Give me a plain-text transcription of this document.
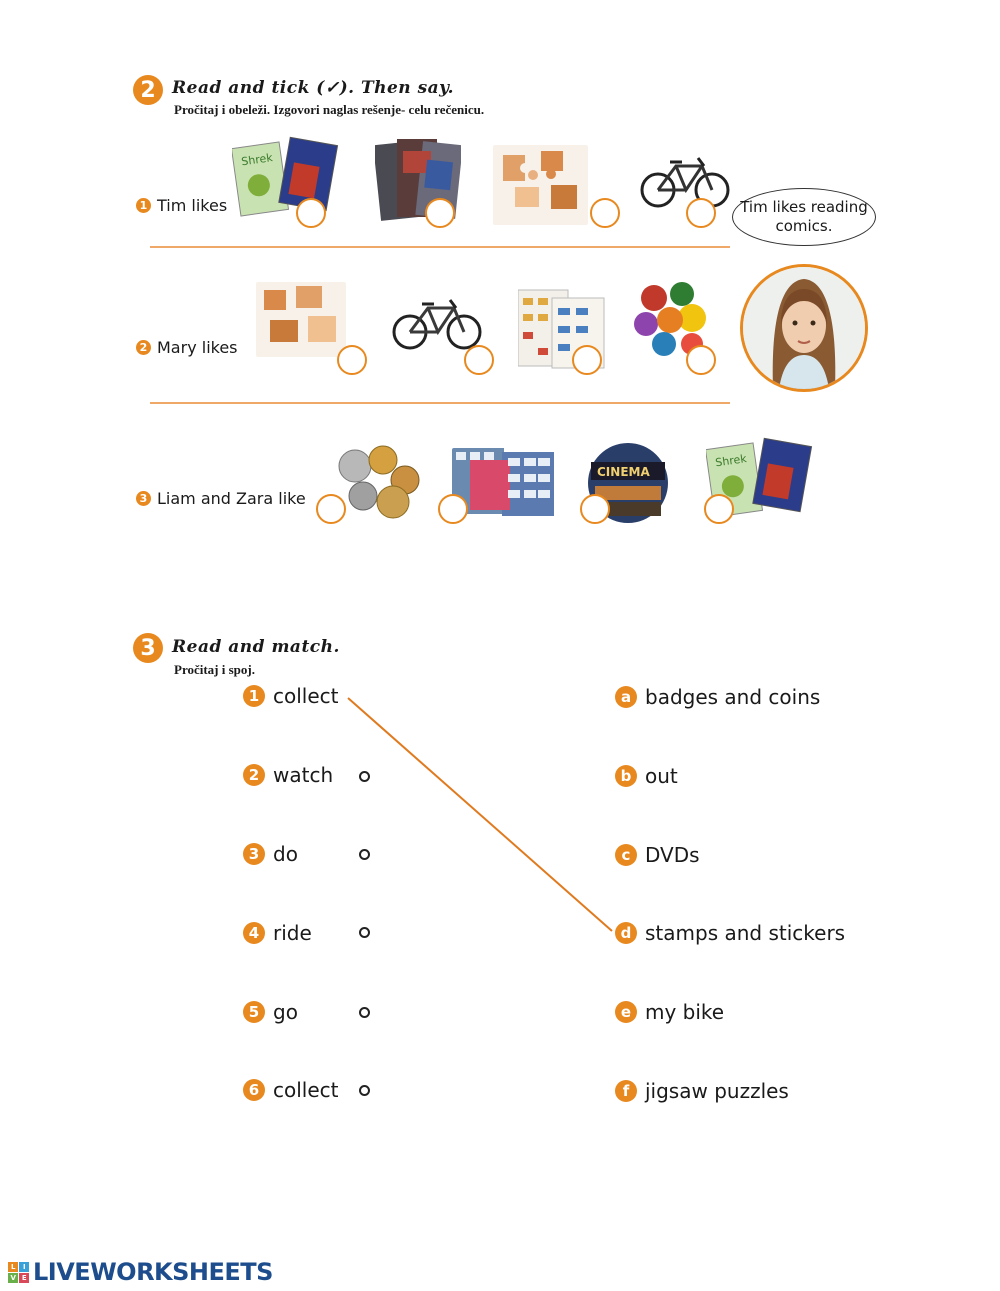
2 Read and tick (✓). Then say.
Pročitaj i obeleži. Izgovori naglas rešenje- celu rečenicu.
1 Tim likes
Shrek
Tim likes reading comics.
2 Mary likes
3 Liam and Zara like
CINEMA
Shrek
3 Read and match.
Pročitaj i spoj.
1 collect
2 watch
3 do
4 ride
5 go
6 collect
a badges and coins
b out
c DVDs
d stamps and stickers
e my bike
f jigsaw puzzles
L	I
V E LIVEWORKSHEETS
